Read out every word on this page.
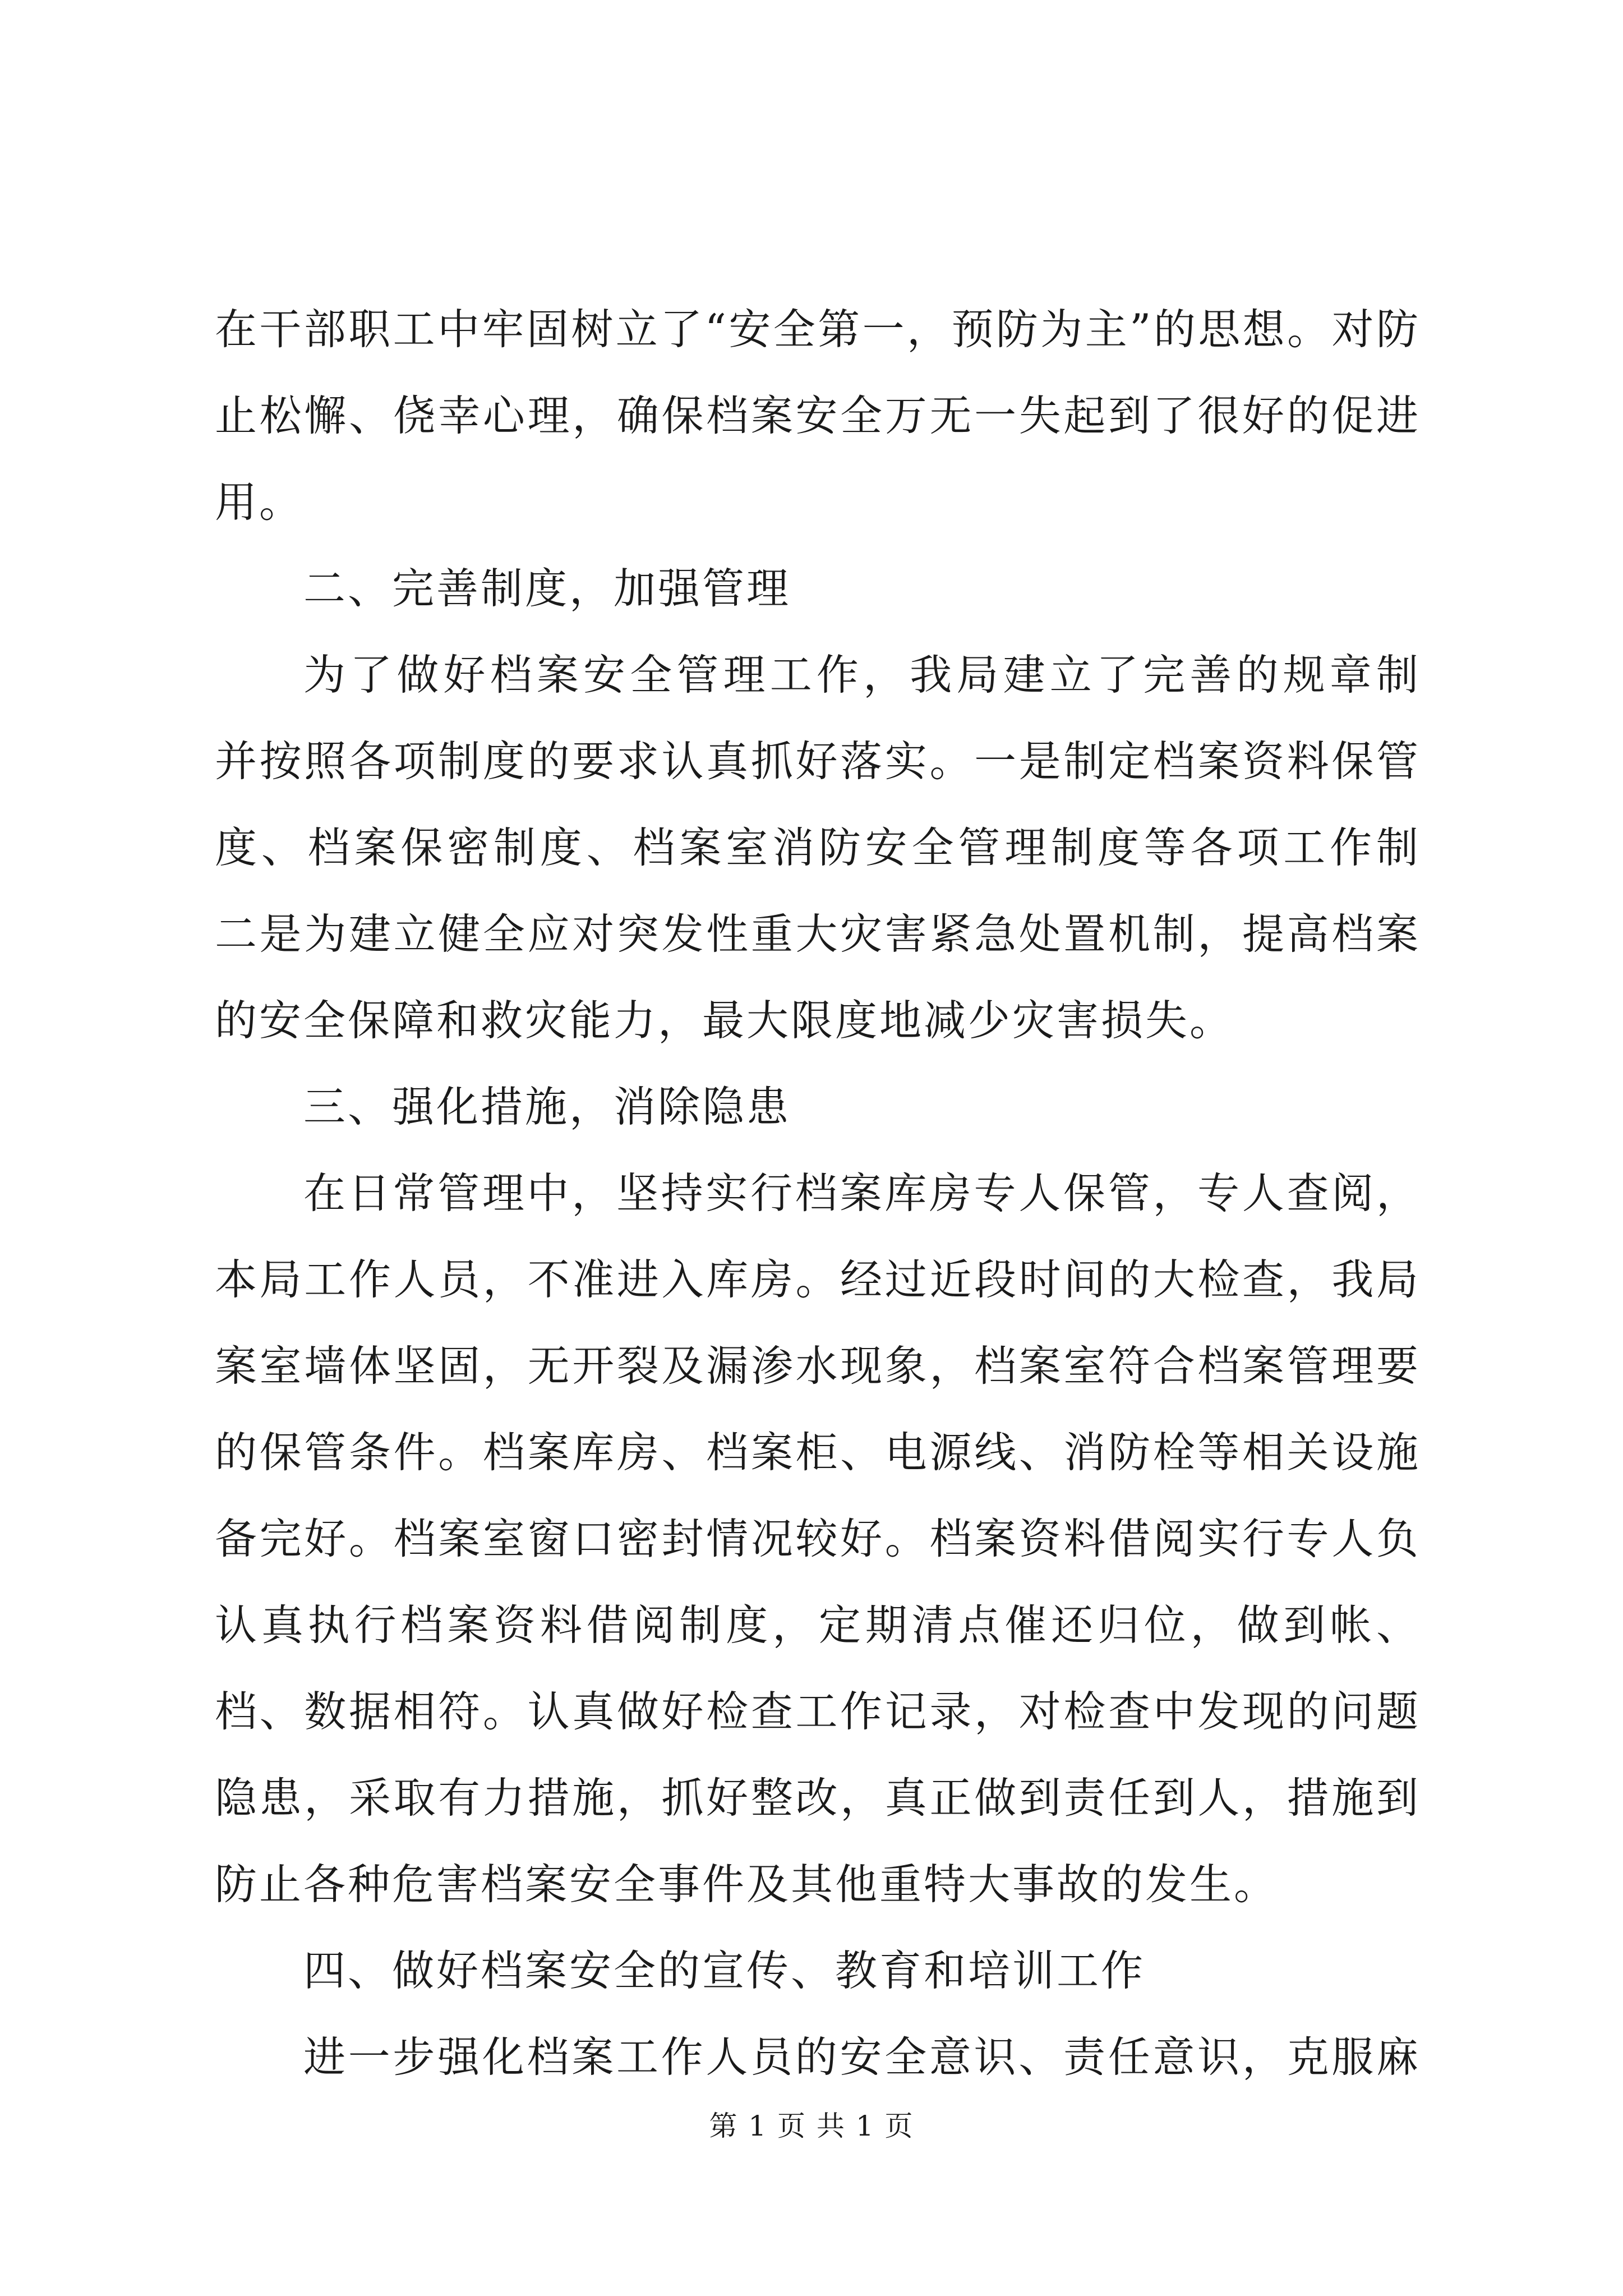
在干部职工中牢固树立了“安全第一，预防为主”的思想。对防
止松懈、侥幸心理，确保档案安全万无一失起到了很好的促进
用。
二、完善制度，加强管理
为了做好档案安全管理工作，我局建立了完善的规章制
并按照各项制度的要求认真抓好落实。一是制定档案资料保管
度、档案保密制度、档案室消防安全管理制度等各项工作制
二是为建立健全应对突发性重大灾害紧急处置机制，提高档案
的安全保障和救灾能力，最大限度地减少灾害损失。
三、强化措施，消除隐患
在日常管理中，坚持实行档案库房专人保管，专人查阅，
本局工作人员，不准进入库房。经过近段时间的大检查，我局
案室墙体坚固，无开裂及漏渗水现象，档案室符合档案管理要
的保管条件。档案库房、档案柜、电源线、消防栓等相关设施
备完好。档案室窗口密封情况较好。档案资料借阅实行专人负
认真执行档案资料借阅制度，定期清点催还归位，做到帐、
档、数据相符。认真做好检查工作记录，对检查中发现的问题
隐患，采取有力措施，抓好整改，真正做到责任到人，措施到
防止各种危害档案安全事件及其他重特大事故的发生。
四、做好档案安全的宣传、教育和培训工作
进一步强化档案工作人员的安全意识、责任意识，克服麻
第 1 页 共 1 页
